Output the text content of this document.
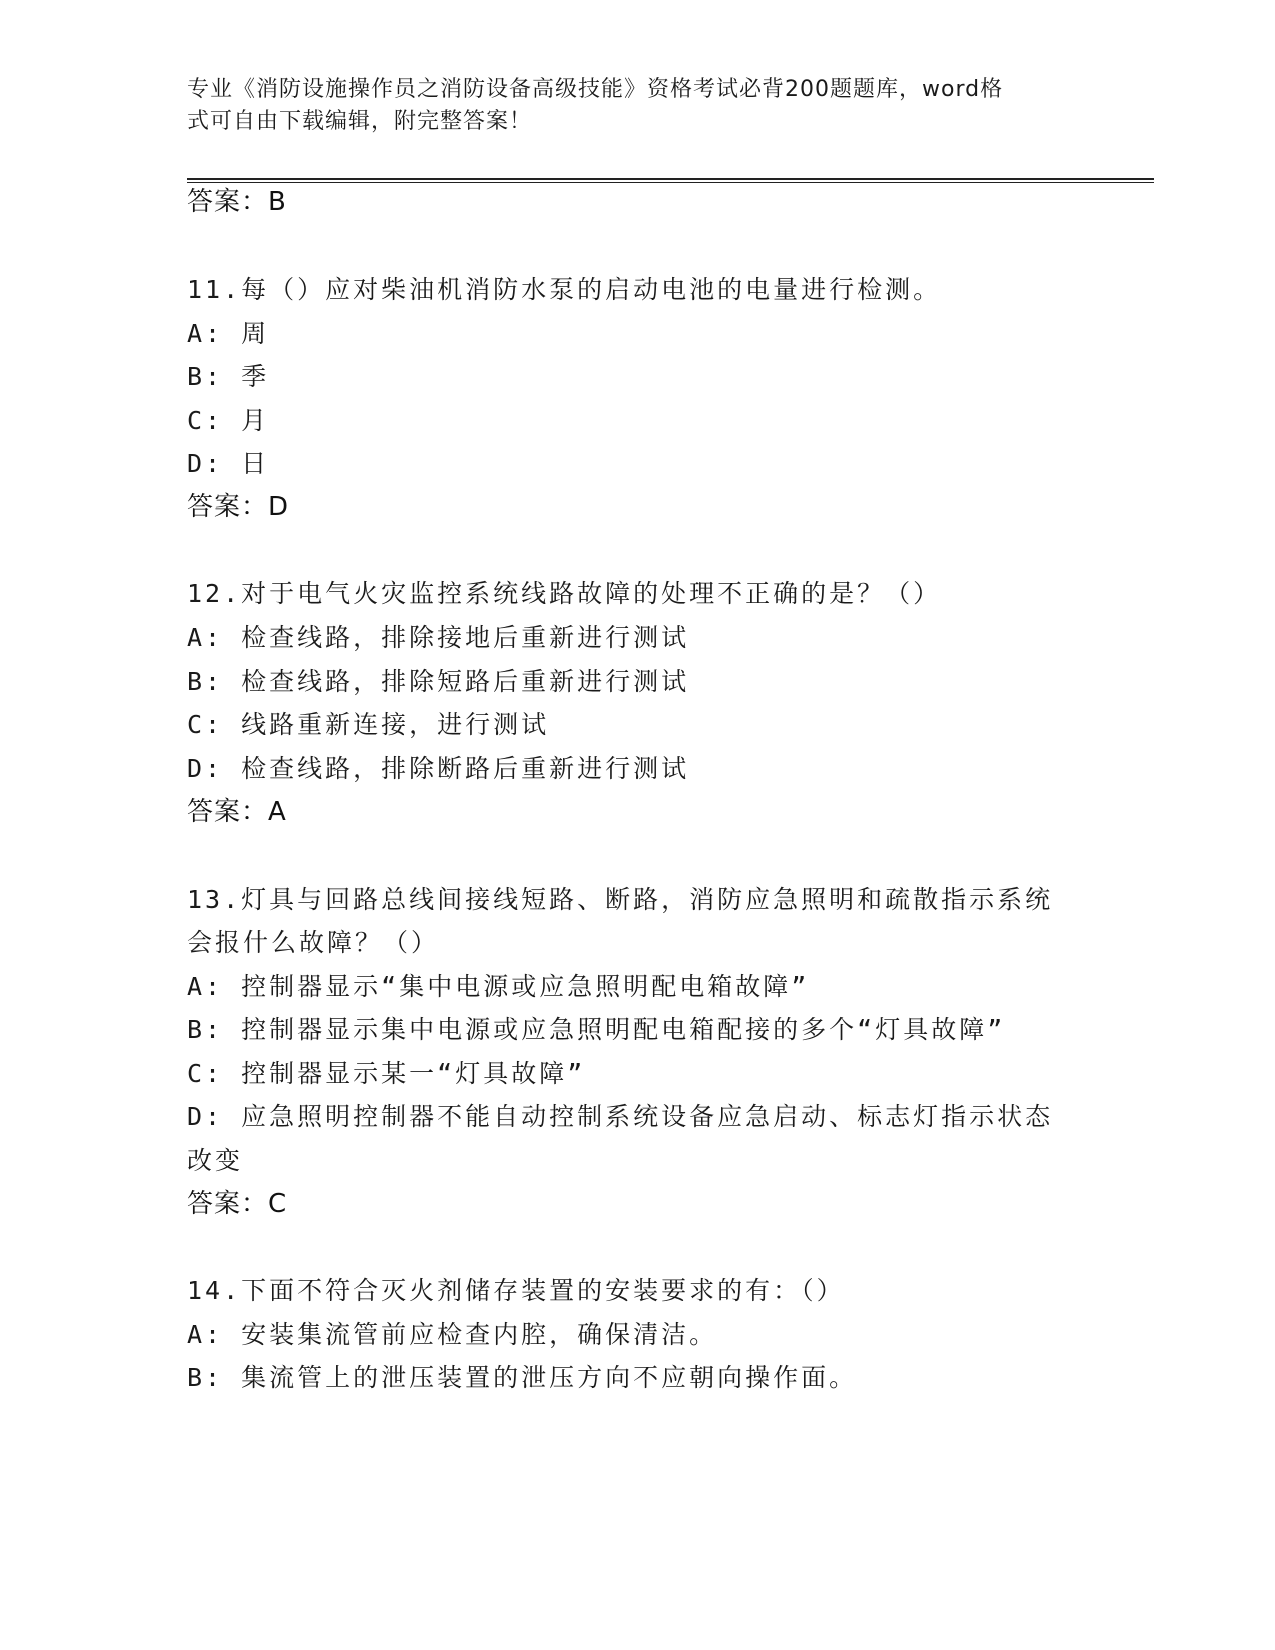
专业《消防设施操作员之消防设备高级技能》资格考试必背200题题库，word格
式可自由下载编辑，附完整答案！
答案：B
11.每（）应对柴油机消防水泵的启动电池的电量进行检测。
A: 周
B: 季
C: 月
D: 日
答案：D
12.对于电气火灾监控系统线路故障的处理不正确的是？（）
A: 检查线路，排除接地后重新进行测试
B: 检查线路，排除短路后重新进行测试
C: 线路重新连接，进行测试
D: 检查线路，排除断路后重新进行测试
答案：A
13.灯具与回路总线间接线短路、断路，消防应急照明和疏散指示系统
会报什么故障？（）
A: 控制器显示“集中电源或应急照明配电箱故障”
B: 控制器显示集中电源或应急照明配电箱配接的多个“灯具故障”
C: 控制器显示某一“灯具故障”
D: 应急照明控制器不能自动控制系统设备应急启动、标志灯指示状态
改变
答案：C
14.下面不符合灭火剂储存装置的安装要求的有：（）
A: 安装集流管前应检查内腔，确保清洁。
B: 集流管上的泄压装置的泄压方向不应朝向操作面。
